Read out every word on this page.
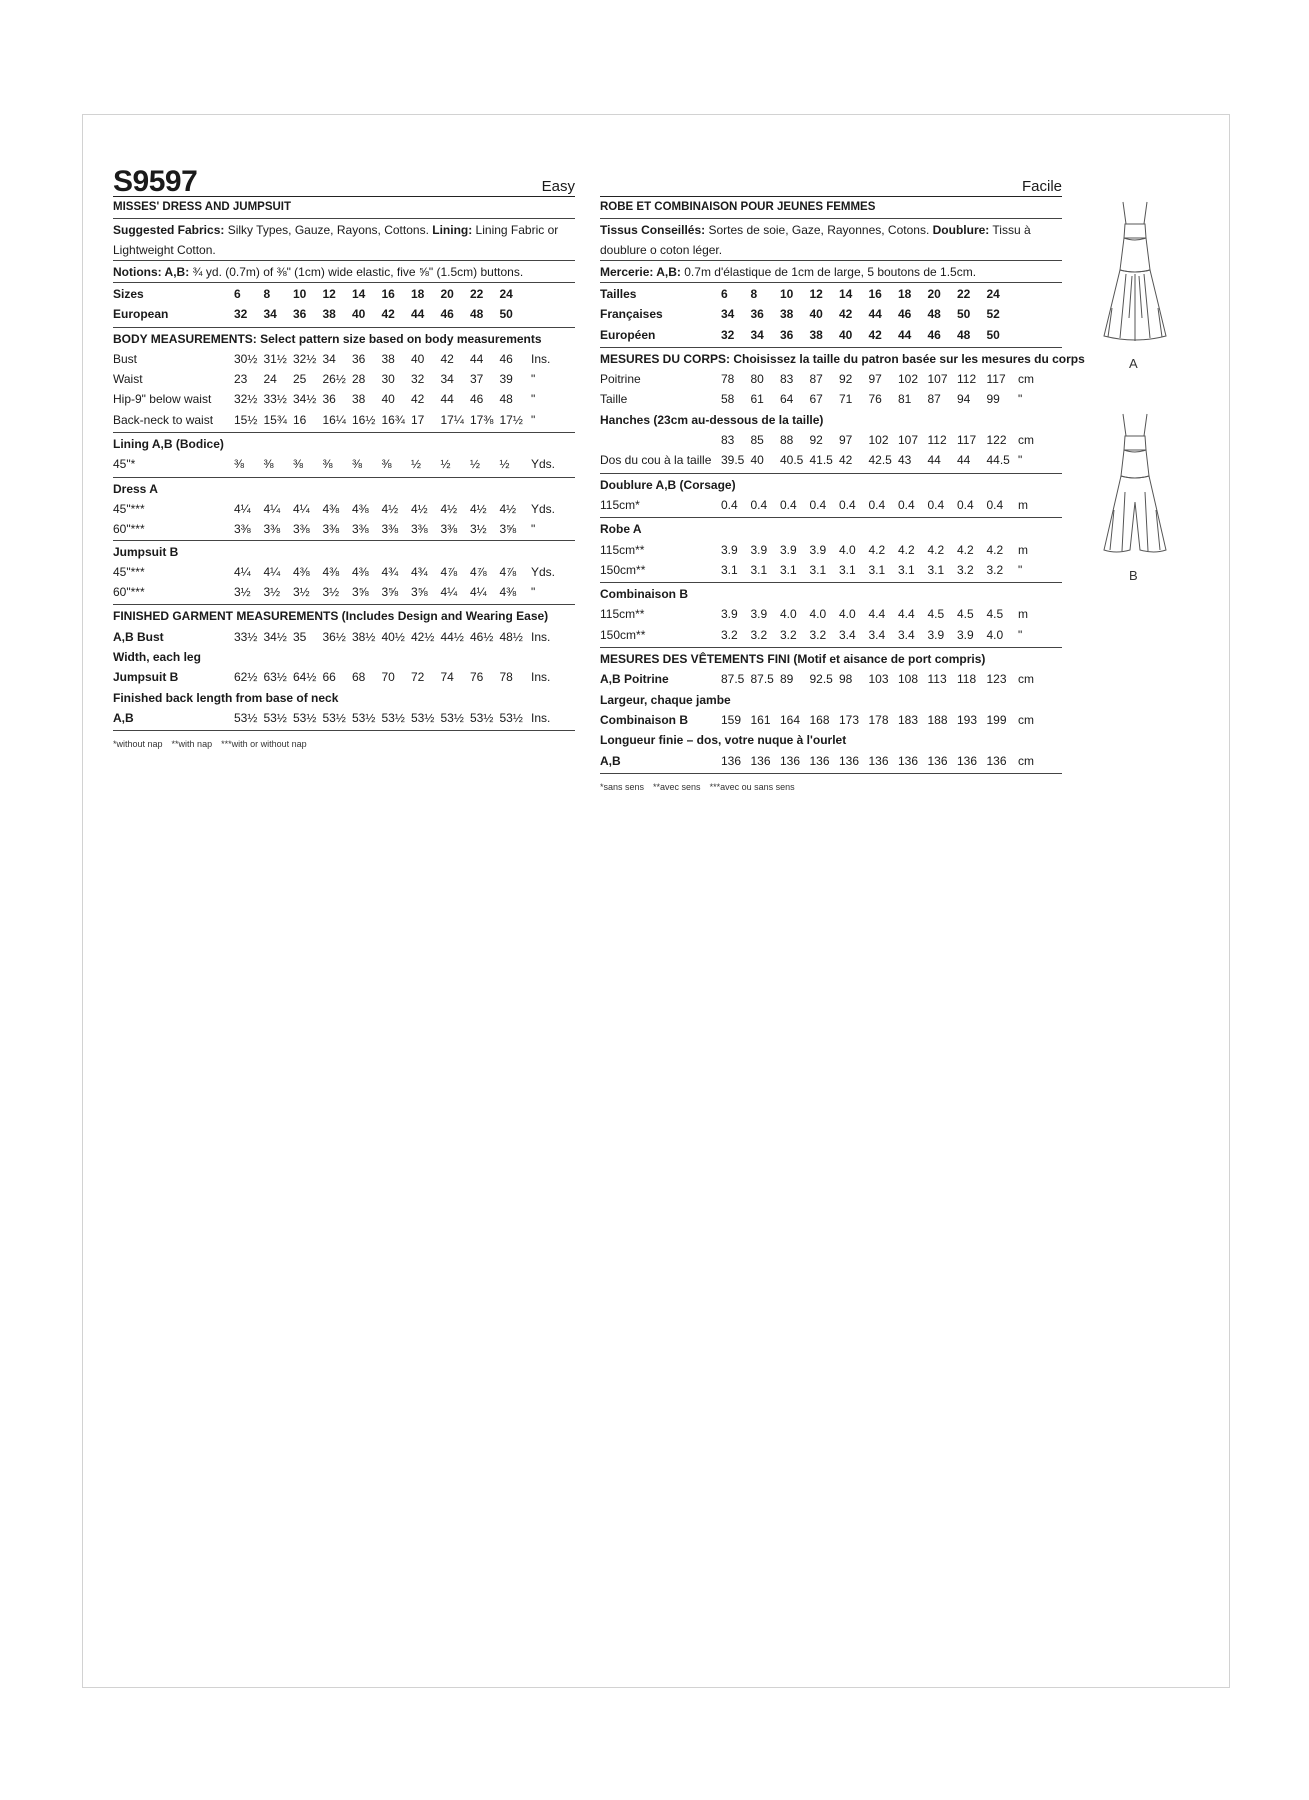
S9597	Easy
MISSES' DRESS AND JUMPSUIT
Suggested Fabrics: Silky Types, Gauze, Rayons, Cottons. Lining: Lining Fabric or Lightweight Cotton.
Notions: A,B: ¾ yd. (0.7m) of ⅜" (1cm) wide elastic, five ⅝" (1.5cm) buttons.
Sizes	6	8	10	12	14	16	18	20	22	24
European	32	34	36	38	40	42	44	46	48	50
BODY MEASUREMENTS: Select pattern size based on body measurements
Bust	30½ 31½ 32½ 34	36	38	40	42	44	46	Ins.
Waist	23	24	25	26½ 28	30	32	34	37	39	"
Hip-9" below waist	32½ 33½ 34½ 36	38	40	42	44	46	48	"
Back-neck to waist	15½ 15¾ 16	16¼ 16½ 16¾ 17	17¼ 17⅜ 17½ "
Lining A,B (Bodice)
45"*	⅜	⅜	⅜	⅜	⅜	⅜	½	½	½	½	Yds.
Dress A
45"***	4¼	4¼	4¼	4⅜	4⅜	4½	4½	4½	4½	4½	Yds.
60"***	3⅜	3⅜	3⅜	3⅜	3⅜	3⅜	3⅜	3⅜	3½	3⅝	"
Jumpsuit B
45"***	4¼	4¼	4⅜	4⅜	4⅜	4¾	4¾	4⅞	4⅞	4⅞	Yds.
60"***	3½	3½	3½	3½	3⅝	3⅝	3⅝	4¼	4¼	4⅜	"
FINISHED GARMENT MEASUREMENTS (Includes Design and Wearing Ease)
A,B Bust	33½ 34½ 35	36½ 38½ 40½ 42½ 44½ 46½ 48½ Ins.
Width, each leg
Jumpsuit B	62½ 63½ 64½ 66	68	70	72	74	76	78	Ins.
Finished back length from base of neck
A,B	53½ 53½ 53½ 53½ 53½ 53½ 53½ 53½ 53½ 53½ Ins.
*without nap **with nap ***with or without nap
Facile
ROBE ET COMBINAISON POUR JEUNES FEMMES
Tissus Conseillés: Sortes de soie, Gaze, Rayonnes, Cotons. Doublure: Tissu à doublure o coton léger.
Mercerie: A,B: 0.7m d'élastique de 1cm de large, 5 boutons de 1.5cm.
Tailles	6	8	10	12	14	16	18	20	22	24
Françaises	34	36	38	40	42	44	46	48	50	52
Européen	32	34	36	38	40	42	44	46	48	50
MESURES DU CORPS: Choisissez la taille du patron basée sur les mesures du corps
Poitrine	78	80	83	87	92	97	102 107 112 117	cm
Taille	58	61	64	67	71	76	81	87	94	99	"
Hanches (23cm au-dessous de la taille)
83	85	88	92	97	102 107 112 117 122 cm
Dos du cou à la taille 39.5 40	40.5 41.5 42	42.5 43	44	44	44.5 "
Doublure A,B (Corsage)
115cm*	0.4	0.4	0.4	0.4	0.4	0.4	0.4	0.4	0.4	0.4	m
Robe A
115cm**	3.9	3.9	3.9	3.9	4.0	4.2	4.2	4.2	4.2	4.2	m
150cm**	3.1	3.1	3.1	3.1	3.1	3.1	3.1	3.1	3.2	3.2	"
Combinaison B
115cm**	3.9	3.9	4.0	4.0	4.0	4.4	4.4	4.5	4.5	4.5	m
150cm**	3.2	3.2	3.2	3.2	3.4	3.4	3.4	3.9	3.9	4.0	"
MESURES DES VÊTEMENTS FINI (Motif et aisance de port compris)
A,B Poitrine	87.5 87.5 89	92.5 98	103 108 113 118 123 cm
Largeur, chaque jambe
Combinaison B	159 161 164 168 173 178 183 188 193 199 cm
Longueur finie – dos, votre nuque à l'ourlet
A,B	136 136 136 136 136 136 136 136 136 136 cm
*sans sens **avec sens ***avec ou sans sens
A
B
